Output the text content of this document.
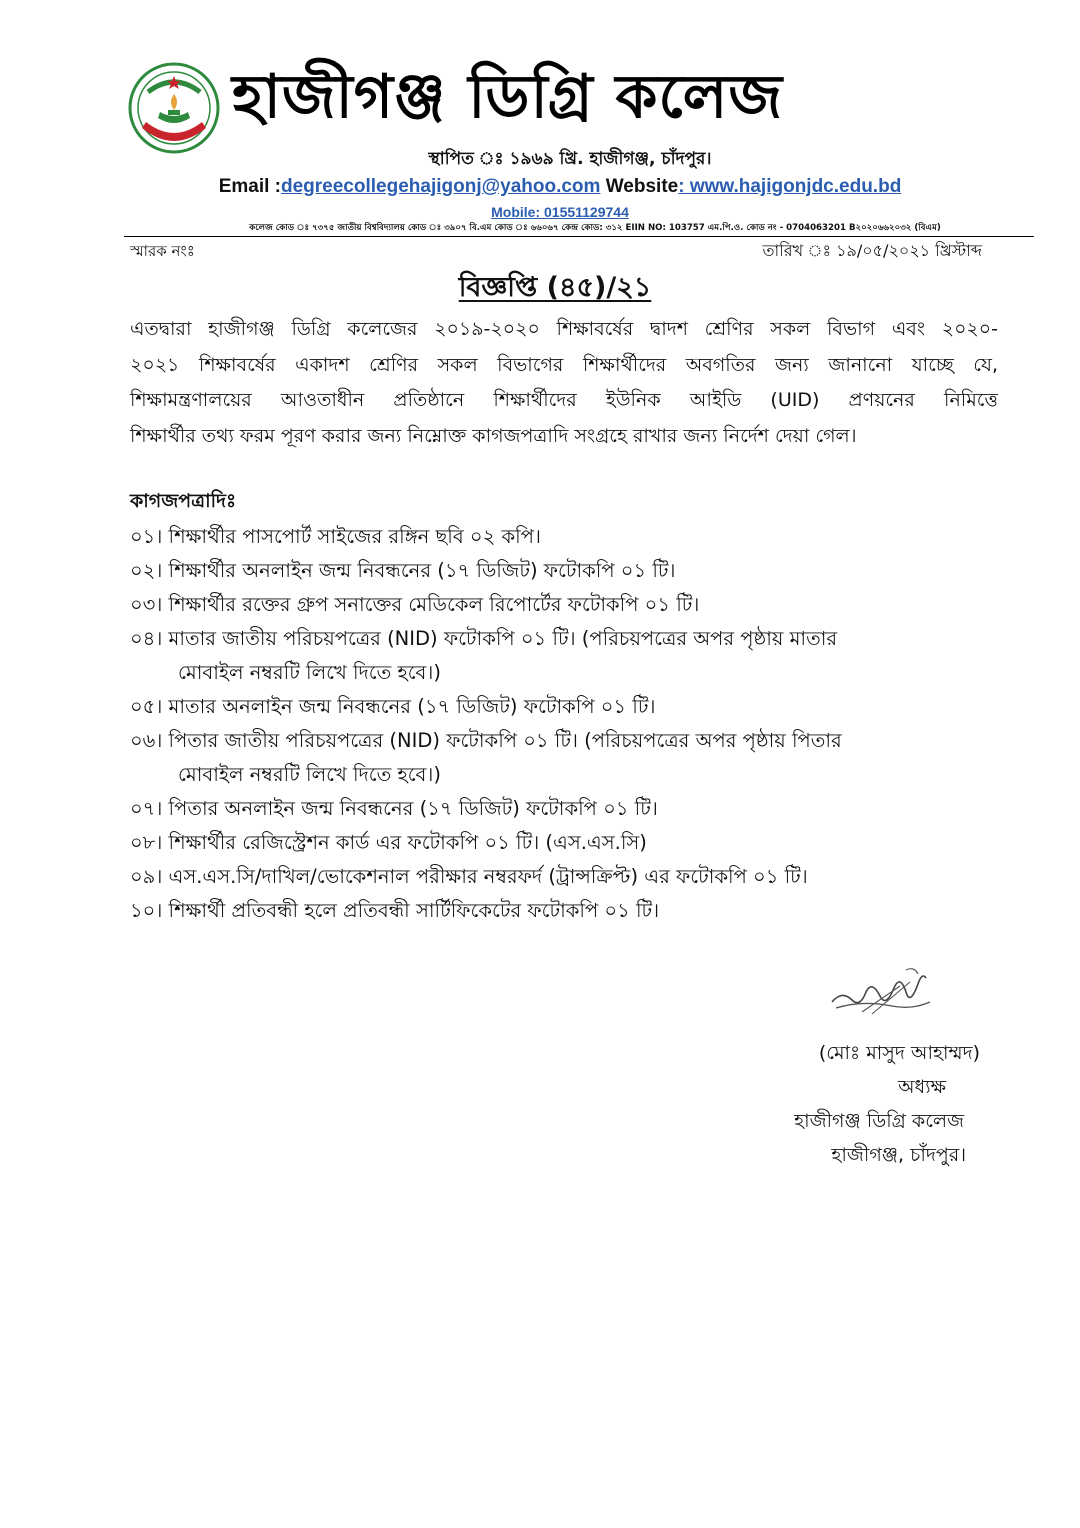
হাজীগঞ্জ ডিগ্রি কলেজ
স্থাপিত ঃ ১৯৬৯ খ্রি. হাজীগঞ্জ, চাঁদপুর।
Email :degreecollegehajigonj@yahoo.com Website: www.hajigonjdc.edu.bd
Mobile: 01551129744
কলেজ কোড ঃ ৭৩৭৫ জাতীয় বিশ্ববিদ্যালয় কোড ঃ ৩৯০৭ বি.এম কোড ঃ ৬৬০৬৭ কেন্দ্র কোড: ৩১২ EIIN NO: 103757 এম.পি.ও. কোড নং - 0704063201 B২০২০৬৬২০৩২ (বিএম)
স্মারক নংঃ	তারিখ ঃ ১৯/০৫/২০২১ খ্রিস্টাব্দ
বিজ্ঞপ্তি (৪৫)/২১
এতদ্বারা হাজীগঞ্জ ডিগ্রি কলেজের ২০১৯-২০২০ শিক্ষাবর্ষের দ্বাদশ শ্রেণির সকল বিভাগ এবং ২০২০-
২০২১ শিক্ষাবর্ষের একাদশ শ্রেণির সকল বিভাগের শিক্ষার্থীদের অবগতির জন্য জানানো যাচ্ছে যে,
শিক্ষামন্ত্রণালয়ের আওতাধীন প্রতিষ্ঠানে শিক্ষার্থীদের ইউনিক আইডি (UID) প্রণয়নের নিমিত্তে
শিক্ষার্থীর তথ্য ফরম পূরণ করার জন্য নিম্নোক্ত কাগজপত্রাদি সংগ্রহে রাখার জন্য নির্দেশ দেয়া গেল।
কাগজপত্রাদিঃ
০১। শিক্ষার্থীর পাসপোর্ট সাইজের রঙ্গিন ছবি ০২ কপি।
০২। শিক্ষার্থীর অনলাইন জন্ম নিবন্ধনের (১৭ ডিজিট) ফটোকপি ০১ টি।
০৩। শিক্ষার্থীর রক্তের গ্রুপ সনাক্তের মেডিকেল রিপোর্টের ফটোকপি ০১ টি।
০৪। মাতার জাতীয় পরিচয়পত্রের (NID) ফটোকপি ০১ টি। (পরিচয়পত্রের অপর পৃষ্ঠায় মাতার
মোবাইল নম্বরটি লিখে দিতে হবে।)
০৫। মাতার অনলাইন জন্ম নিবন্ধনের (১৭ ডিজিট) ফটোকপি ০১ টি।
০৬। পিতার জাতীয় পরিচয়পত্রের (NID) ফটোকপি ০১ টি। (পরিচয়পত্রের অপর পৃষ্ঠায় পিতার
মোবাইল নম্বরটি লিখে দিতে হবে।)
০৭। পিতার অনলাইন জন্ম নিবন্ধনের (১৭ ডিজিট) ফটোকপি ০১ টি।
০৮। শিক্ষার্থীর রেজিস্ট্রেশন কার্ড এর ফটোকপি ০১ টি। (এস.এস.সি)
০৯। এস.এস.সি/দাখিল/ভোকেশনাল পরীক্ষার নম্বরফর্দ (ট্রান্সক্রিপ্ট) এর ফটোকপি ০১ টি।
১০। শিক্ষার্থী প্রতিবন্ধী হলে প্রতিবন্ধী সার্টিফিকেটের ফটোকপি ০১ টি।
(মোঃ মাসুদ আহাম্মদ)
অধ্যক্ষ
হাজীগঞ্জ ডিগ্রি কলেজ
হাজীগঞ্জ, চাঁদপুর।
